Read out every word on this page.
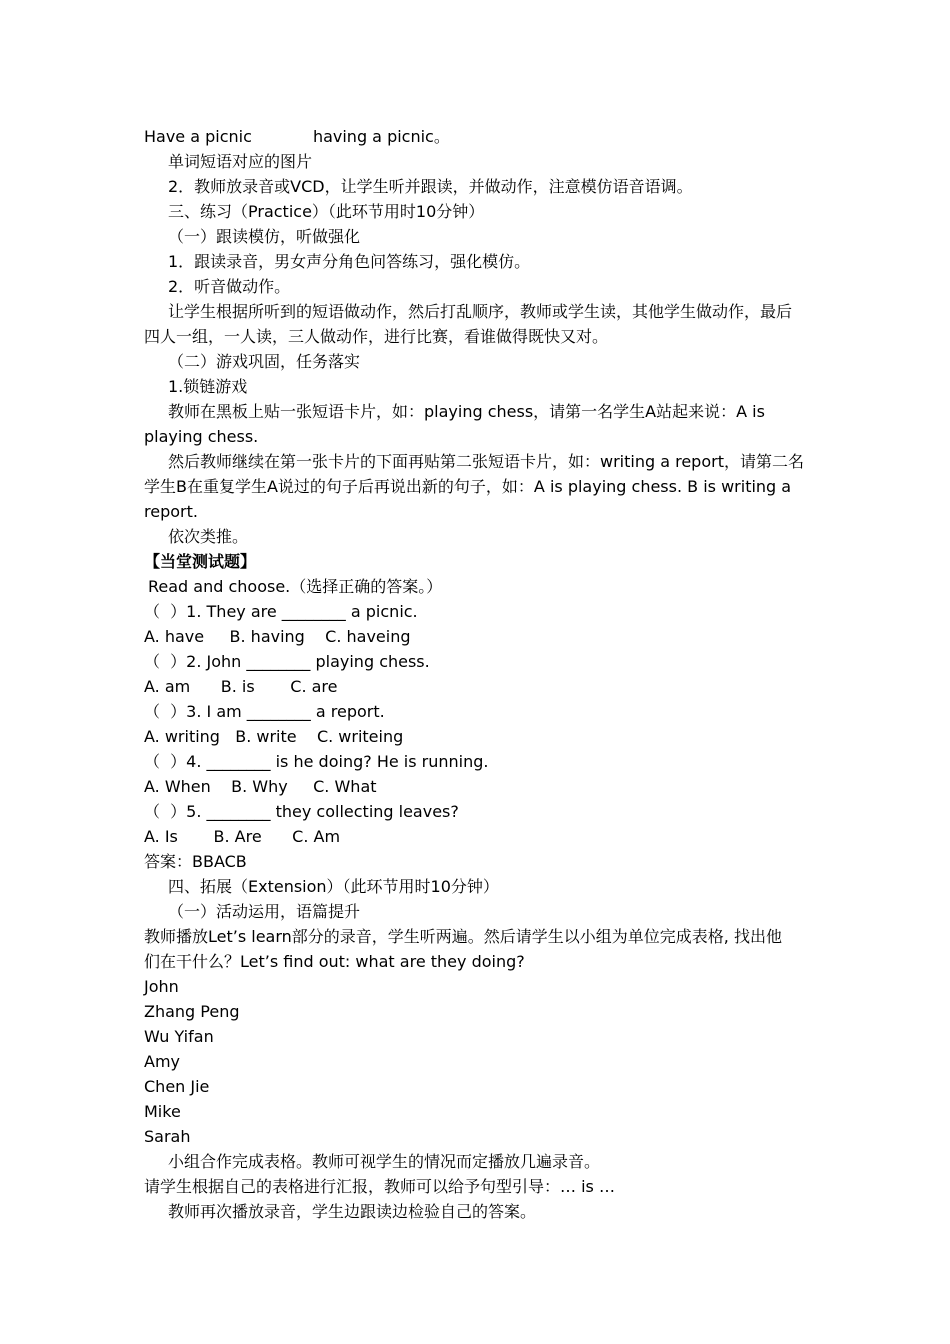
Have a picnic            having a picnic。
单词短语对应的图片
2．教师放录音或VCD，让学生听并跟读，并做动作，注意模仿语音语调。
三、练习（Practice）（此环节用时10分钟）
（一）跟读模仿，听做强化
1．跟读录音，男女声分角色问答练习，强化模仿。
2．听音做动作。
让学生根据所听到的短语做动作，然后打乱顺序，教师或学生读，其他学生做动作，最后
四人一组，一人读，三人做动作，进行比赛，看谁做得既快又对。
（二）游戏巩固，任务落实
1.锁链游戏
教师在黑板上贴一张短语卡片，如：playing chess，请第一名学生A站起来说：A is
playing chess.
然后教师继续在第一张卡片的下面再贴第二张短语卡片，如：writing a report，请第二名
学生B在重复学生A说过的句子后再说出新的句子，如：A is playing chess. B is writing a
report.
依次类推。
【当堂测试题】
Read and choose.（选择正确的答案。）
（  ）1. They are ________ a picnic.
A. have     B. having    C. haveing
（  ）2. John ________ playing chess.
A. am      B. is       C. are
（  ）3. I am ________ a report.
A. writing   B. write    C. writeing
（  ）4. ________ is he doing? He is running.
A. When    B. Why     C. What
（  ）5. ________ they collecting leaves?
A. Is       B. Are      C. Am
答案：BBACB
四、拓展（Extension）（此环节用时10分钟）
（一）活动运用，语篇提升
教师播放Let’s learn部分的录音，学生听两遍。然后请学生以小组为单位完成表格, 找出他
们在干什么？Let’s find out: what are they doing?
John
Zhang Peng
Wu Yifan
Amy
Chen Jie
Mike
Sarah
小组合作完成表格。教师可视学生的情况而定播放几遍录音。
请学生根据自己的表格进行汇报，教师可以给予句型引导：… is …
教师再次播放录音，学生边跟读边检验自己的答案。
